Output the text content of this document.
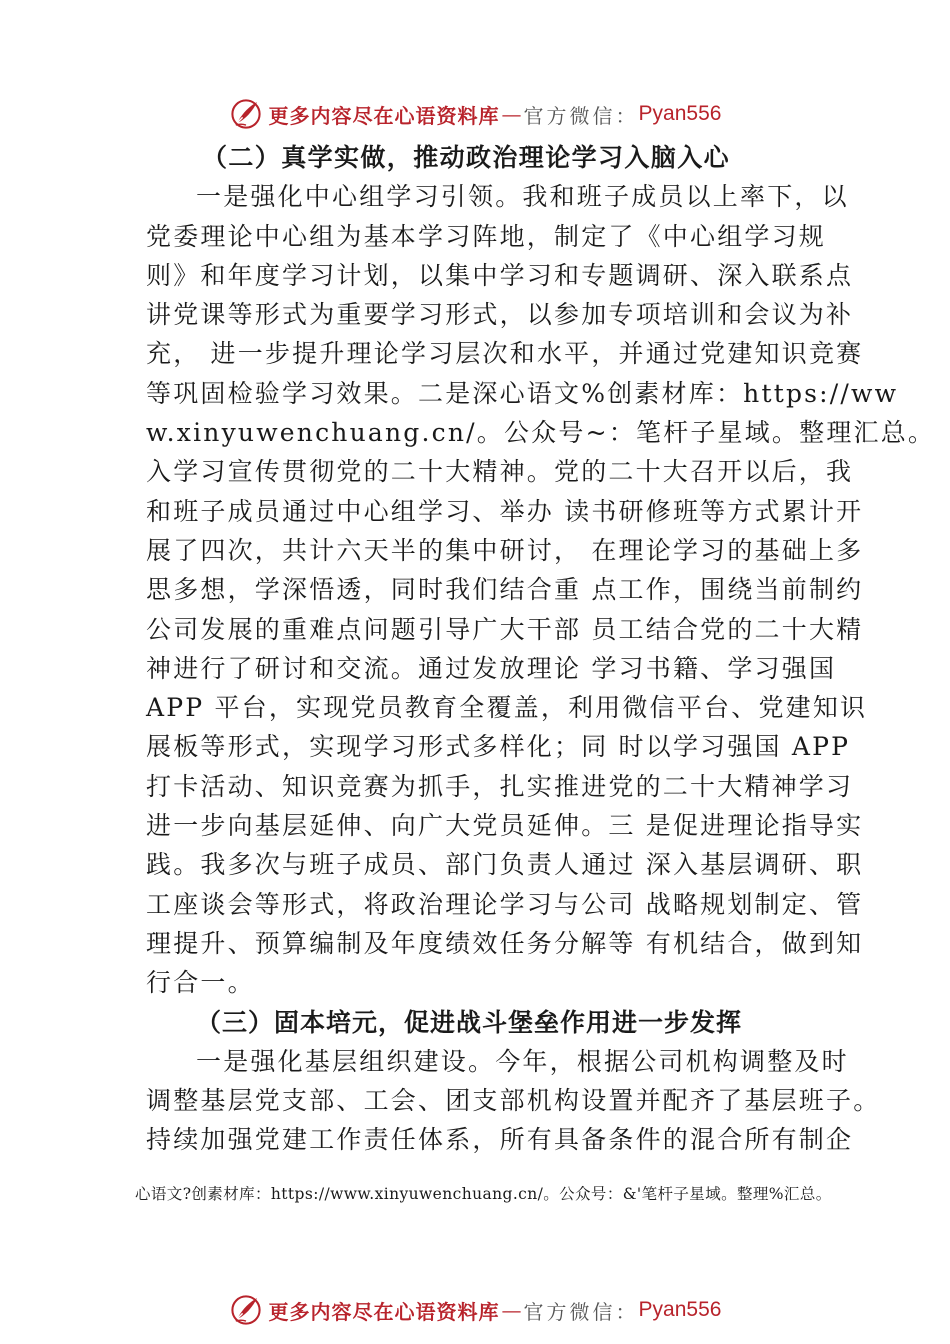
更多内容尽在心语资料库 — 官方微信： Pyan556
（二）真学实做，推动政治理论学习入脑入心
一是强化中心组学习引领。我和班子成员以上率下，以
党委理论中心组为基本学习阵地，制定了《中心组学习规
则》和年度学习计划，以集中学习和专题调研、深入联系点
讲党课等形式为重要学习形式，以参加专项培训和会议为补
充， 进一步提升理论学习层次和水平，并通过党建知识竞赛
等巩固检验学习效果。二是深心语文%创素材库：https://ww
w.xinyuwenchuang.cn/。公众号~：笔杆子星域。整理汇总。
入学习宣传贯彻党的二十大精神。党的二十大召开以后，我
和班子成员通过中心组学习、举办 读书研修班等方式累计开
展了四次，共计六天半的集中研讨， 在理论学习的基础上多
思多想，学深悟透，同时我们结合重 点工作，围绕当前制约
公司发展的重难点问题引导广大干部 员工结合党的二十大精
神进行了研讨和交流。通过发放理论 学习书籍、学习强国
APP 平台，实现党员教育全覆盖，利用微信平台、党建知识
展板等形式，实现学习形式多样化；同 时以学习强国 APP
打卡活动、知识竞赛为抓手，扎实推进党的二十大精神学习
进一步向基层延伸、向广大党员延伸。三 是促进理论指导实
践。我多次与班子成员、部门负责人通过 深入基层调研、职
工座谈会等形式，将政治理论学习与公司 战略规划制定、管
理提升、预算编制及年度绩效任务分解等 有机结合，做到知
行合一。
（三）固本培元，促进战斗堡垒作用进一步发挥
一是强化基层组织建设。今年，根据公司机构调整及时
调整基层党支部、工会、团支部机构设置并配齐了基层班子。
持续加强党建工作责任体系，所有具备条件的混合所有制企
心语文?创素材库：https://www.xinyuwenchuang.cn/。公众号：&'笔杆子星域。整理%汇总。
更多内容尽在心语资料库 — 官方微信： Pyan556
